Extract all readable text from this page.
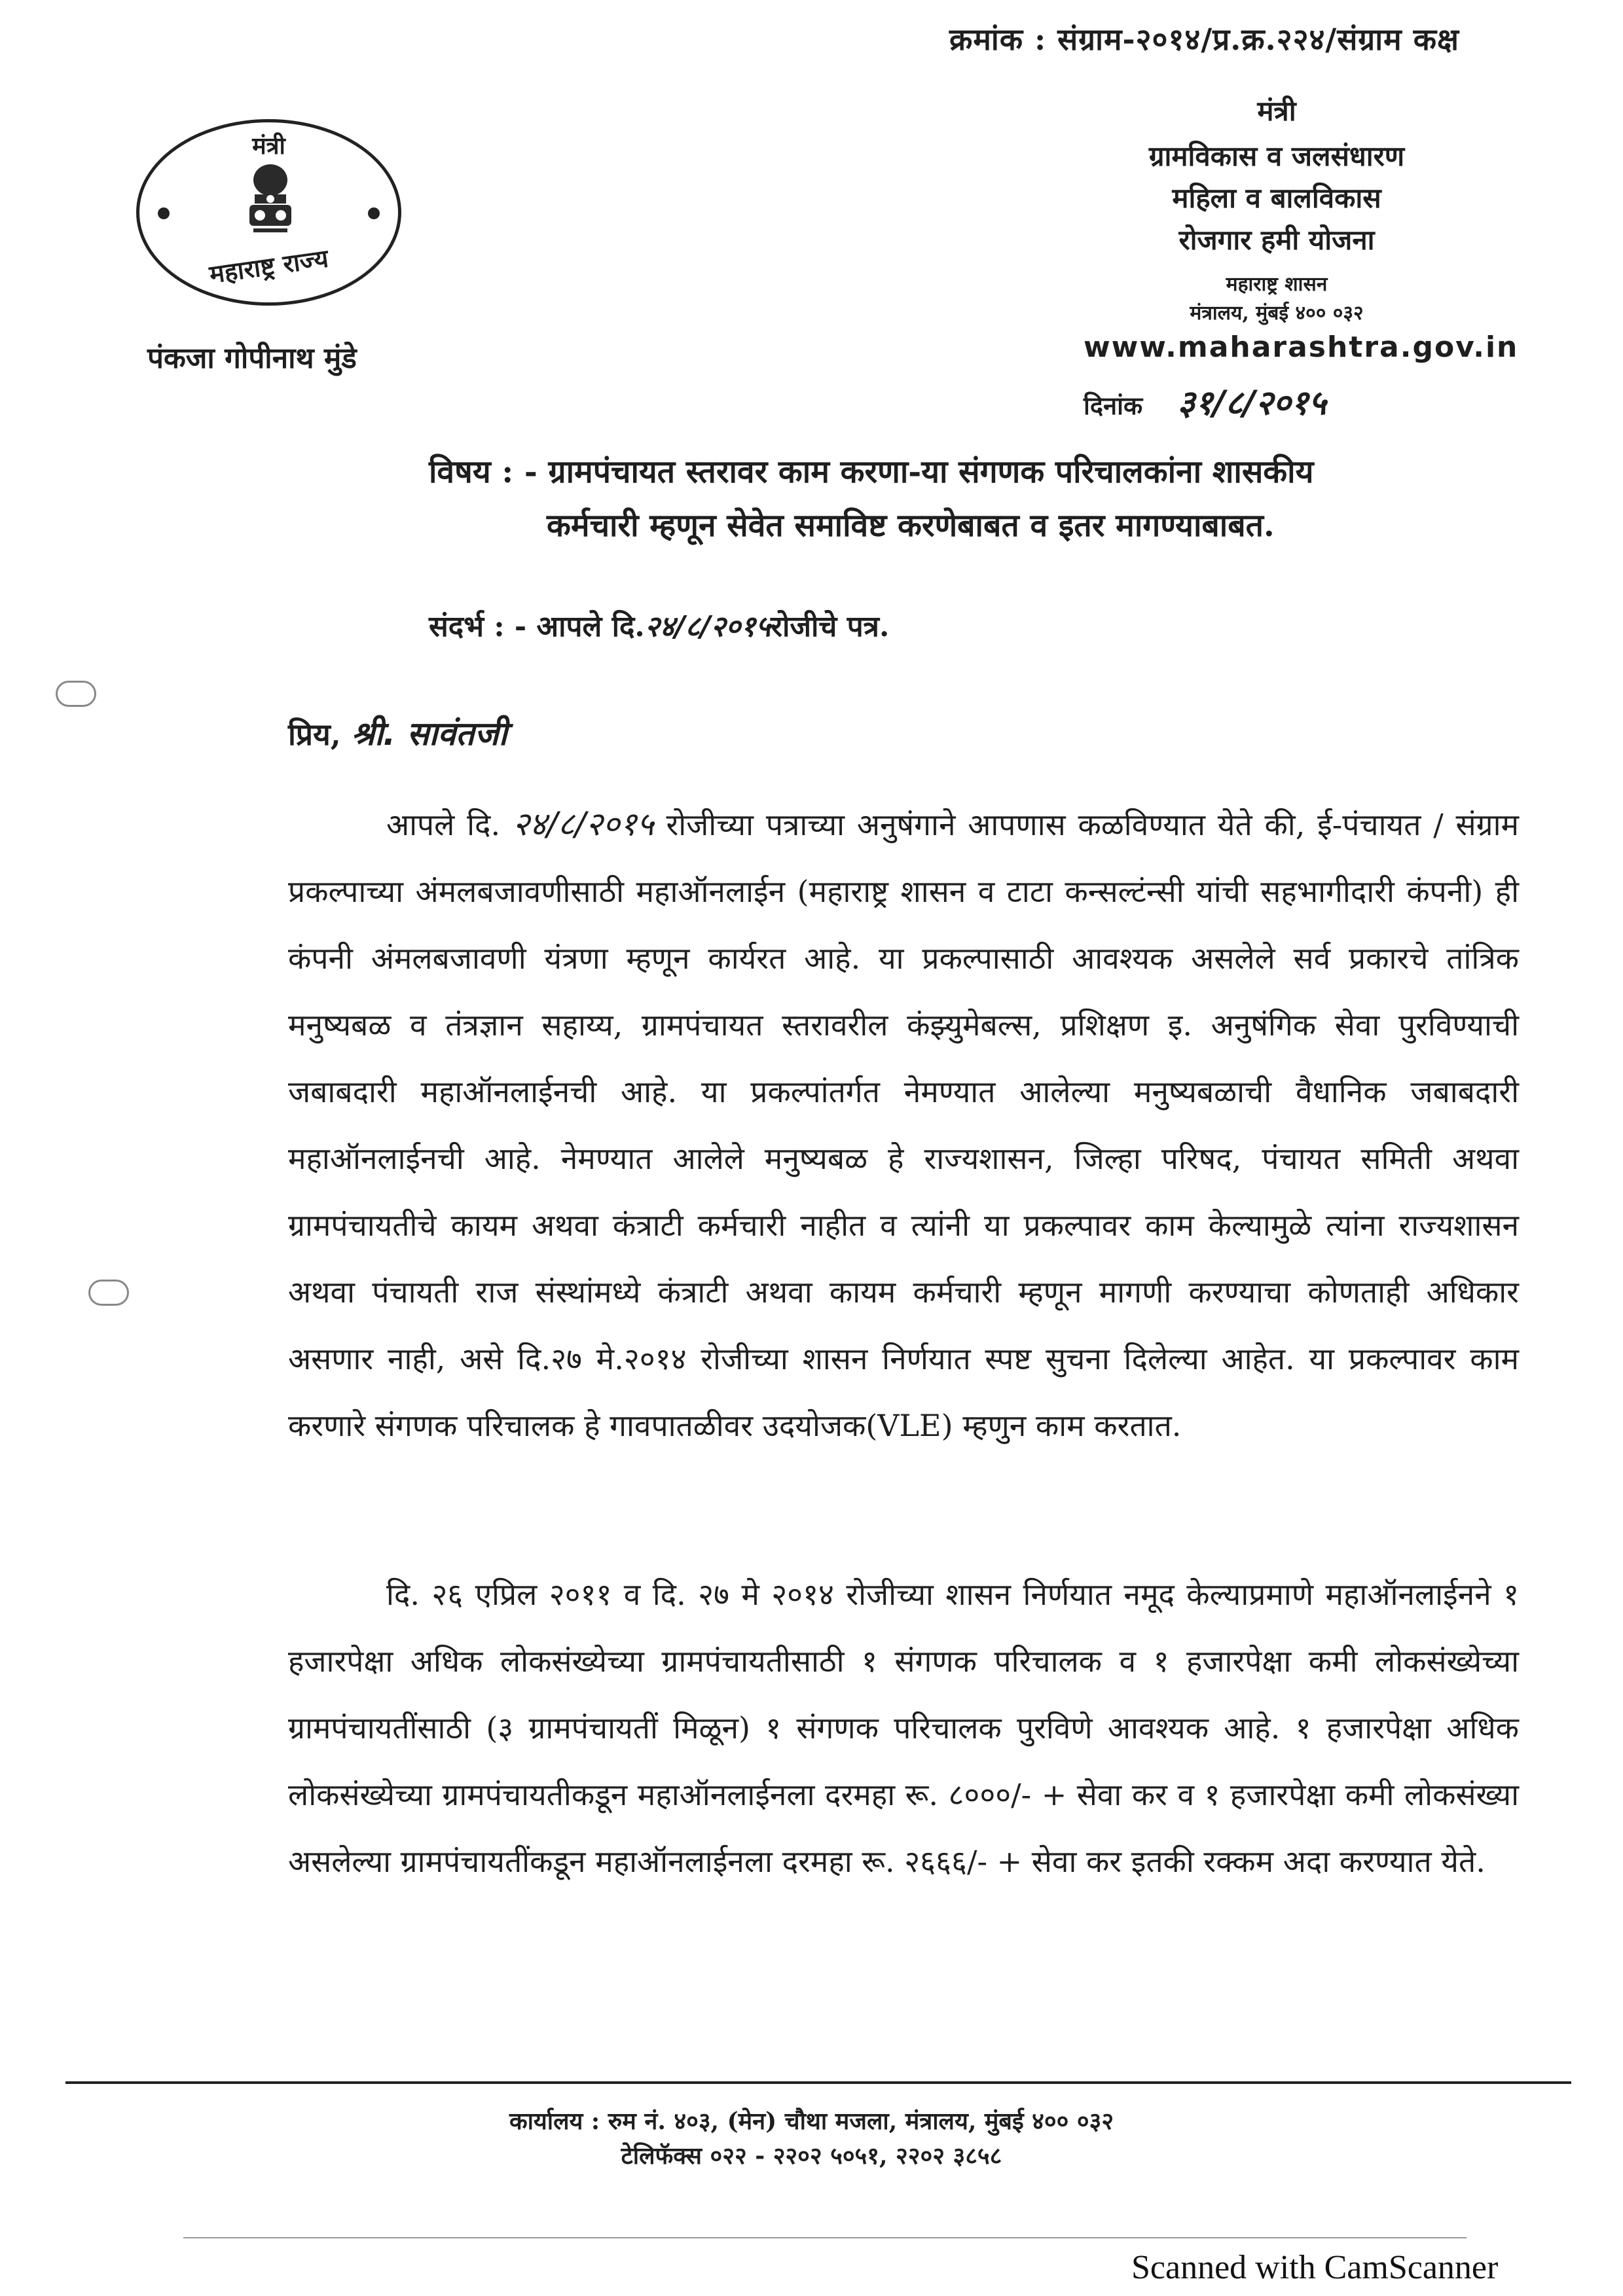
क्रमांक : संग्राम-२०१४/प्र.क्र.२२४/संग्राम कक्ष
मंत्री
महाराष्ट्र राज्य
पंकजा गोपीनाथ मुंडे
मंत्री
ग्रामविकास व जलसंधारण
महिला व बालविकास
रोजगार हमी योजना
महाराष्ट्र शासन
मंत्रालय, मुंबई ४०० ०३२
www.maharashtra.gov.in
दिनांक ३१/८/२०१५
विषय : - ग्रामपंचायत स्तरावर काम करणा-या संगणक परिचालकांना शासकीय
कर्मचारी म्हणून सेवेत समाविष्ट करणेबाबत व इतर मागण्याबाबत.
संदर्भ : - आपले दि.२४/८/२०१५रोजीचे पत्र.
प्रिय, श्री. सावंतजी

आपले दि. २४/८/२०१५ रोजीच्या पत्राच्या अनुषंगाने आपणास कळविण्यात येते की, ई-पंचायत / संग्राम प्रकल्पाच्या अंमलबजावणीसाठी महाऑनलाईन (महाराष्ट्र शासन व टाटा कन्सल्टंन्सी यांची सहभागीदारी कंपनी) ही कंपनी अंमलबजावणी यंत्रणा म्हणून कार्यरत आहे. या प्रकल्पासाठी आवश्यक असलेले सर्व प्रकारचे तांत्रिक मनुष्यबळ व तंत्रज्ञान सहाय्य, ग्रामपंचायत स्तरावरील कंझ्युमेबल्स, प्रशिक्षण इ. अनुषंगिक सेवा पुरविण्याची जबाबदारी महाऑनलाईनची आहे. या प्रकल्पांतर्गत नेमण्यात आलेल्या मनुष्यबळाची वैधानिक जबाबदारी महाऑनलाईनची आहे. नेमण्यात आलेले मनुष्यबळ हे राज्यशासन, जिल्हा परिषद, पंचायत समिती अथवा ग्रामपंचायतीचे कायम अथवा कंत्राटी कर्मचारी नाहीत व त्यांनी या प्रकल्पावर काम केल्यामुळे त्यांना राज्यशासन अथवा पंचायती राज संस्थांमध्ये कंत्राटी अथवा कायम कर्मचारी म्हणून मागणी करण्याचा कोणताही अधिकार असणार नाही, असे दि.२७ मे.२०१४ रोजीच्या शासन निर्णयात स्पष्ट सुचना दिलेल्या आहेत. या प्रकल्पावर काम करणारे संगणक परिचालक हे गावपातळीवर उदयोजक(VLE) म्हणुन काम करतात.

दि. २६ एप्रिल २०११ व दि. २७ मे २०१४ रोजीच्या शासन निर्णयात नमूद केल्याप्रमाणे महाऑनलाईनने १ हजारपेक्षा अधिक लोकसंख्येच्या ग्रामपंचायतीसाठी १ संगणक परिचालक व १ हजारपेक्षा कमी लोकसंख्येच्या ग्रामपंचायतींसाठी (३ ग्रामपंचायतीं मिळून) १ संगणक परिचालक पुरविणे आवश्यक आहे. १ हजारपेक्षा अधिक लोकसंख्येच्या ग्रामपंचायतीकडून महाऑनलाईनला दरमहा रू. ८०००/- + सेवा कर व १ हजारपेक्षा कमी लोकसंख्या असलेल्या ग्रामपंचायतींकडून महाऑनलाईनला दरमहा रू. २६६६/- + सेवा कर इतकी रक्कम अदा करण्यात येते.

कार्यालय : रुम नं. ४०३, (मेन) चौथा मजला, मंत्रालय, मुंबई ४०० ०३२
टेलिफॅक्स ०२२ - २२०२ ५०५१, २२०२ ३८५८
Scanned with CamScanner
